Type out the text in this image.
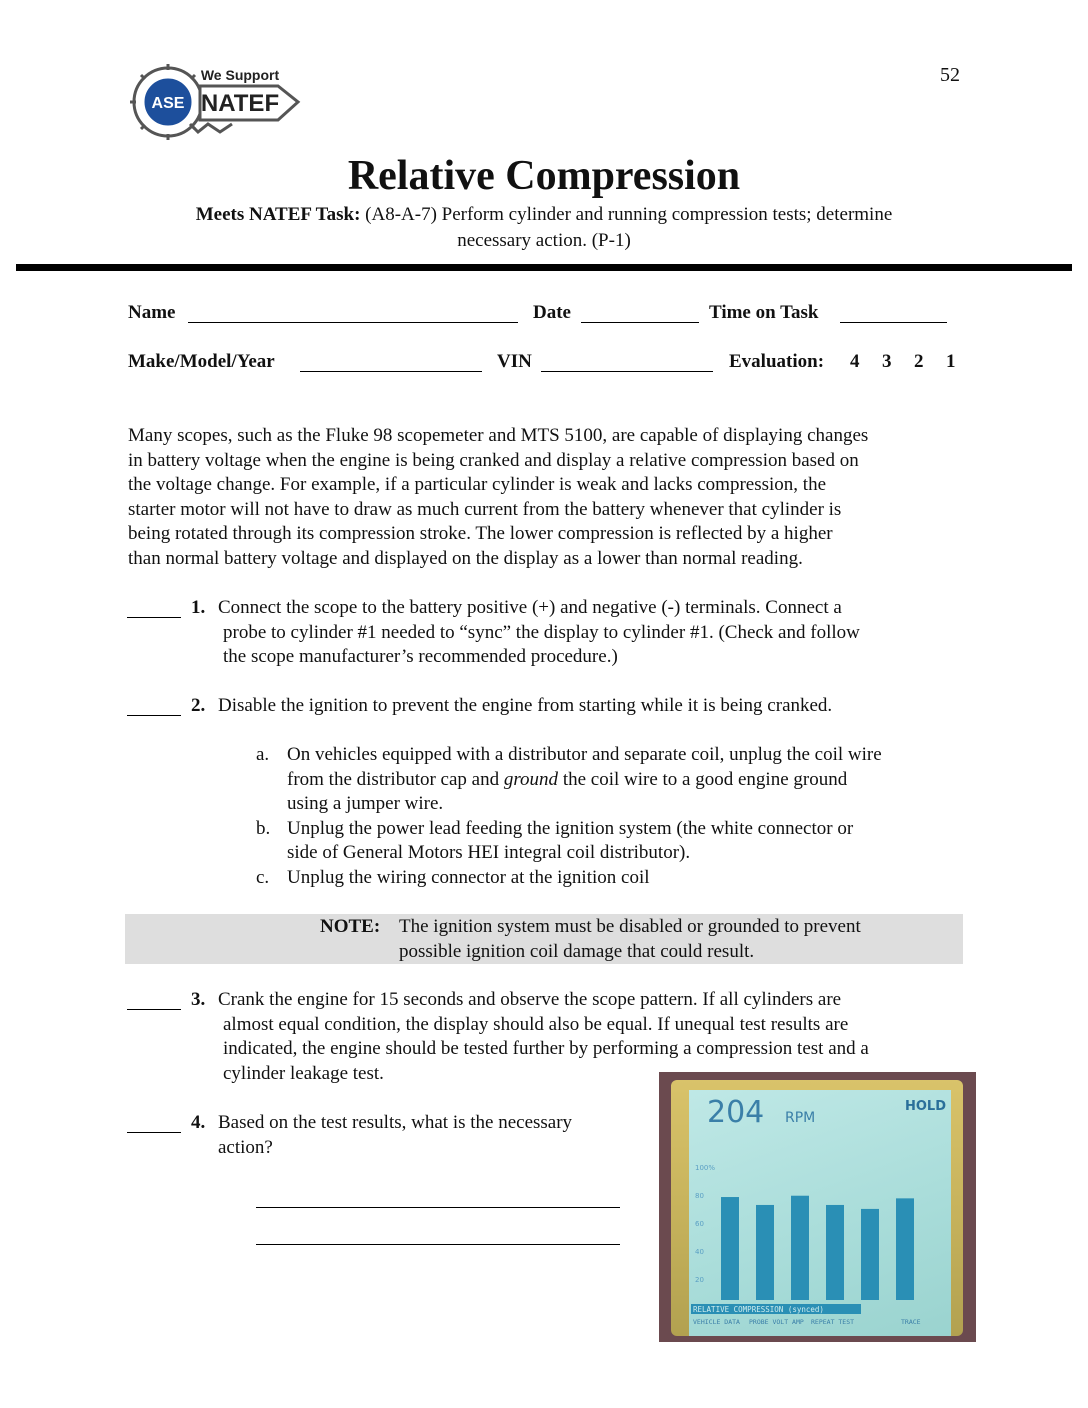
ASE
We Support
NATEF
52
Relative Compression
Meets NATEF Task: (A8-A-7) Perform cylinder and running compression tests; determine
necessary action. (P-1)
Name	Date	Time on Task
Make/Model/Year	VIN	Evaluation: 4 3 2 1
Many scopes, such as the Fluke 98 scopemeter and MTS 5100, are capable of displaying changes
in battery voltage when the engine is being cranked and display a relative compression based on
the voltage change. For example, if a particular cylinder is weak and lacks compression, the
starter motor will not have to draw as much current from the battery whenever that cylinder is
being rotated through its compression stroke. The lower compression is reflected by a higher
than normal battery voltage and displayed on the display as a lower than normal reading.
1. Connect the scope to the battery positive (+) and negative (-) terminals. Connect a
probe to cylinder #1 needed to “sync” the display to cylinder #1. (Check and follow
the scope manufacturer’s recommended procedure.)
2. Disable the ignition to prevent the engine from starting while it is being cranked.
a. On vehicles equipped with a distributor and separate coil, unplug the coil wire
from the distributor cap and ground the coil wire to a good engine ground
using a jumper wire.
b. Unplug the power lead feeding the ignition system (the white connector or
side of General Motors HEI integral coil distributor).
c. Unplug the wiring connector at the ignition coil
NOTE: The ignition system must be disabled or grounded to prevent
possible ignition coil damage that could result.
3. Crank the engine for 15 seconds and observe the scope pattern. If all cylinders are
almost equal condition, the display should also be equal. If unequal test results are
indicated, the engine should be tested further by performing a compression test and a
cylinder leakage test.
4. Based on the test results, what is the necessary
action?
204 RPM
HOLD
100%
80
60
40
20
RELATIVE COMPRESSION (synced)
VEHICLE DATA PROBE VOLT AMP REPEAT TEST	TRACE
